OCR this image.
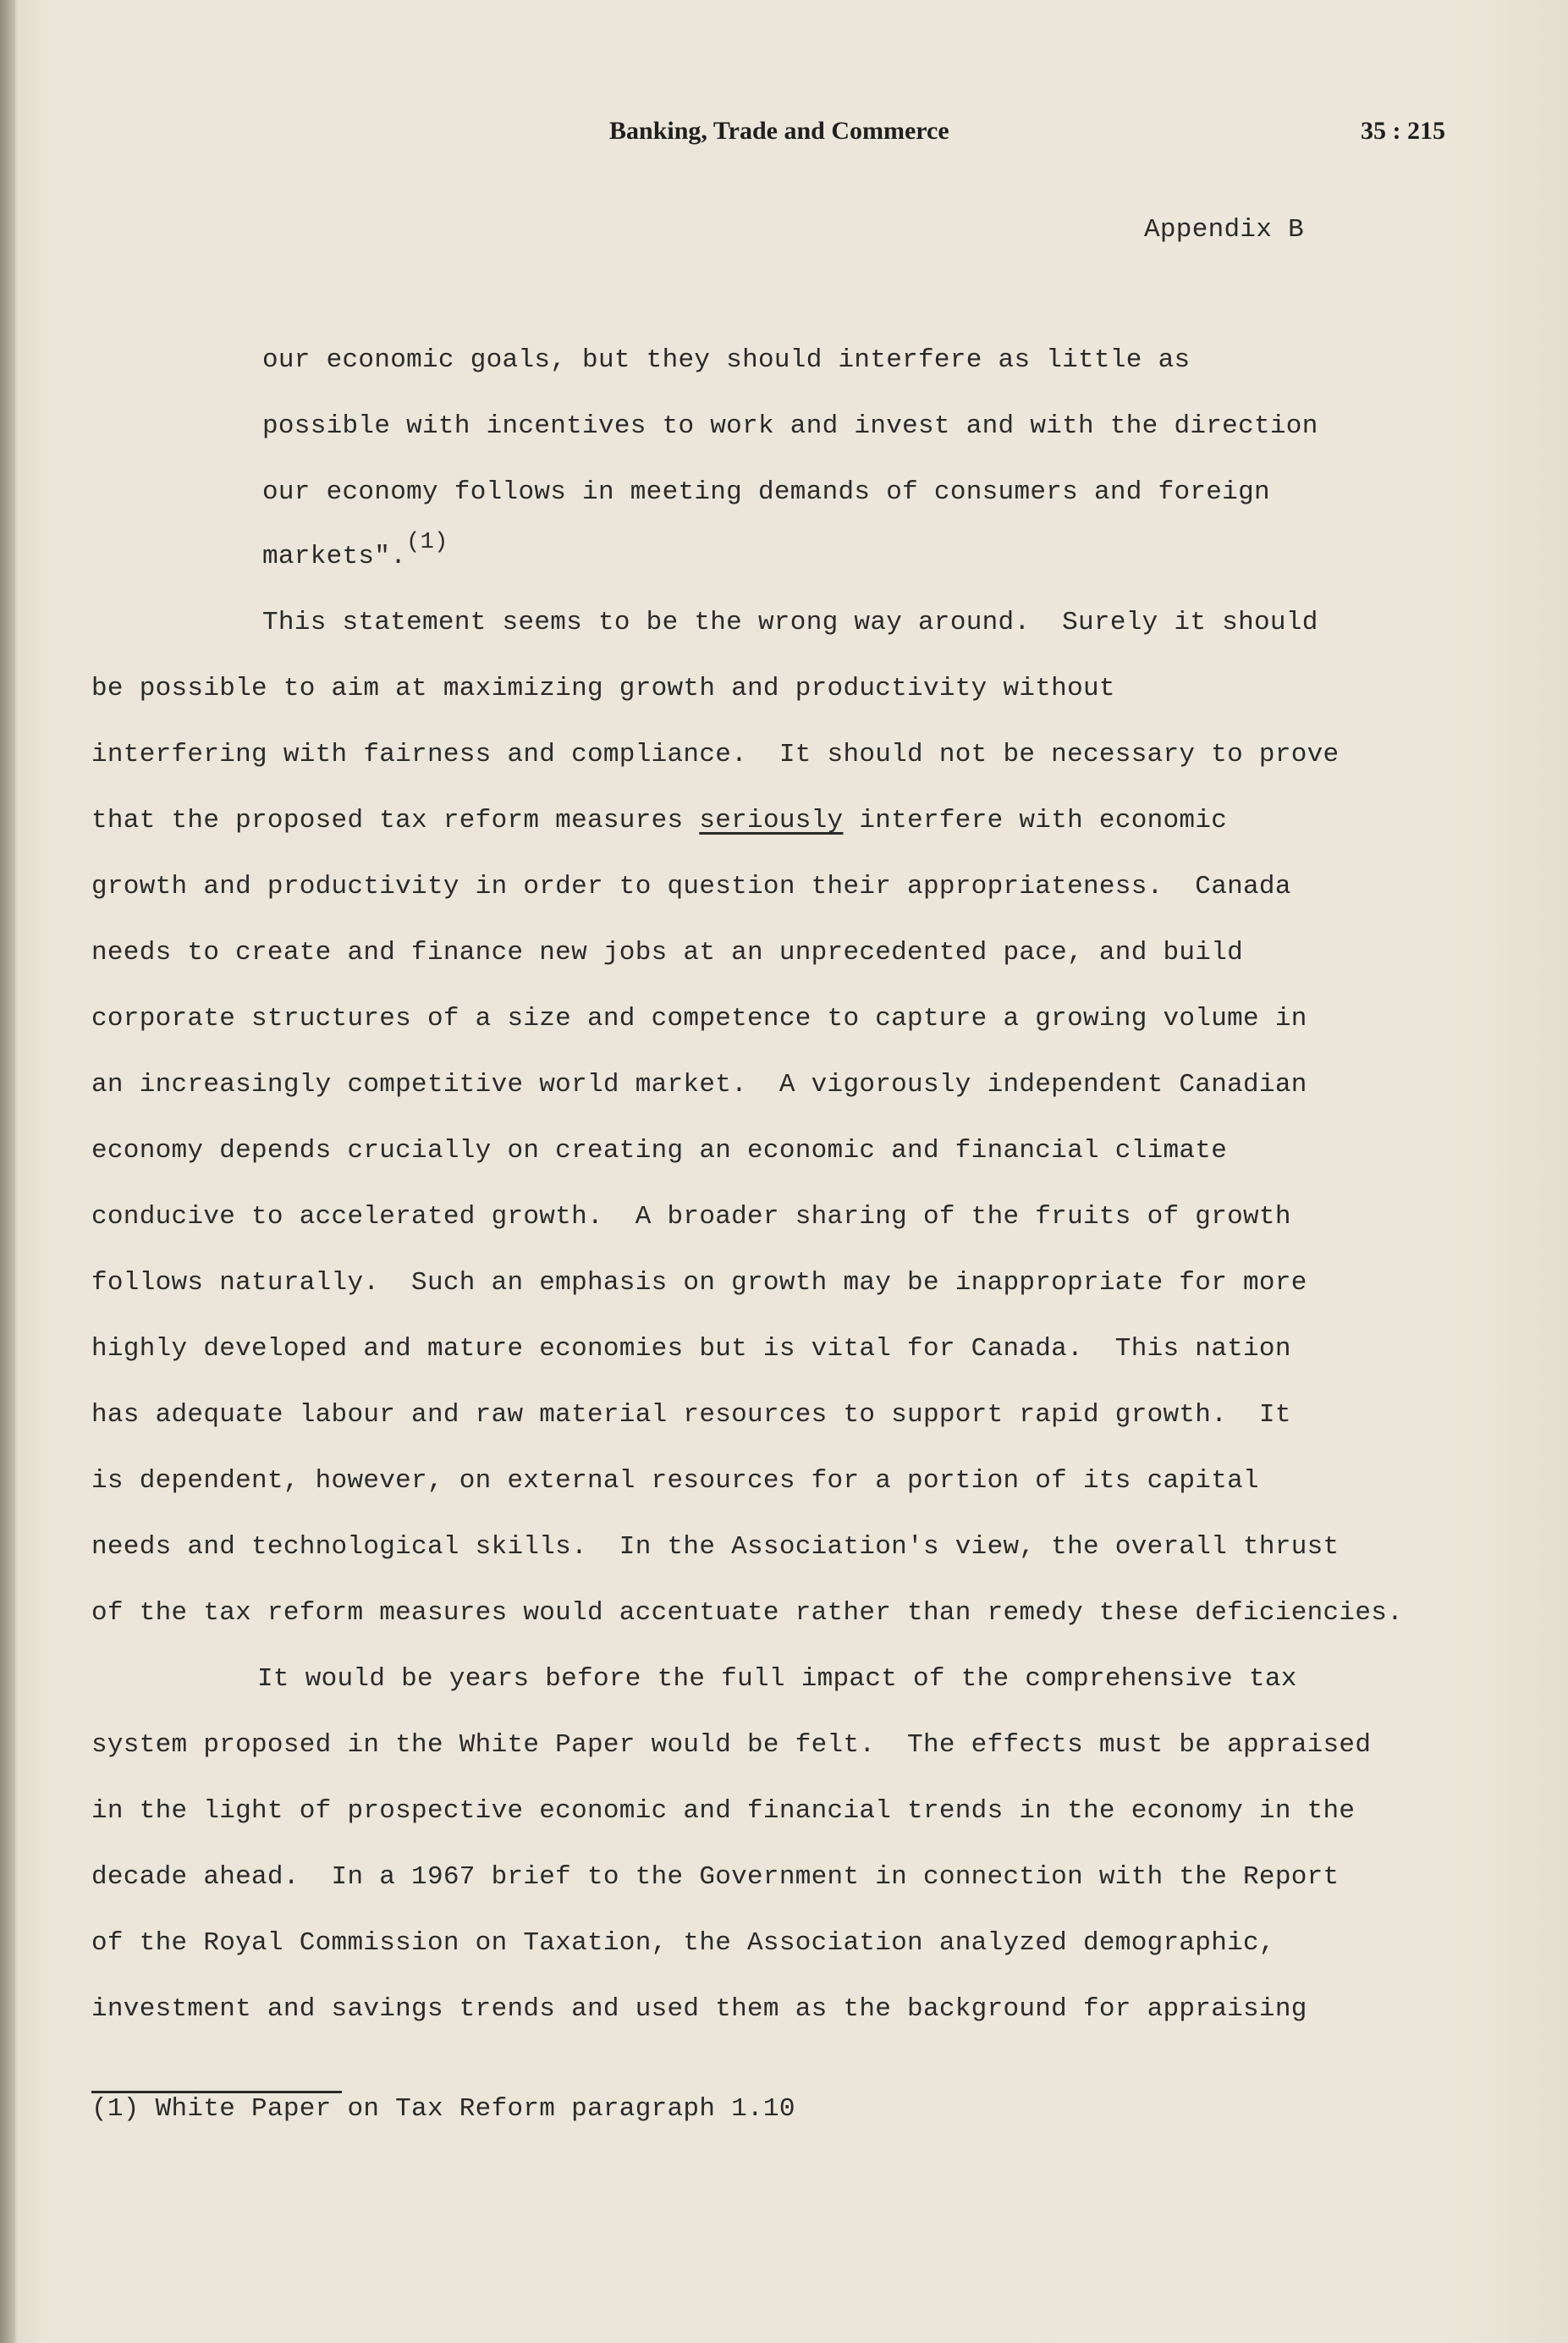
Banking, Trade and Commerce	35 : 215
Appendix B
our economic goals, but they should interfere as little as
possible with incentives to work and invest and with the direction
our economy follows in meeting demands of consumers and foreign
markets".(1)
This statement seems to be the wrong way around.  Surely it should
be possible to aim at maximizing growth and productivity without
interfering with fairness and compliance.  It should not be necessary to prove
that the proposed tax reform measures seriously interfere with economic
growth and productivity in order to question their appropriateness.  Canada
needs to create and finance new jobs at an unprecedented pace, and build
corporate structures of a size and competence to capture a growing volume in
an increasingly competitive world market.  A vigorously independent Canadian
economy depends crucially on creating an economic and financial climate
conducive to accelerated growth.  A broader sharing of the fruits of growth
follows naturally.  Such an emphasis on growth may be inappropriate for more
highly developed and mature economies but is vital for Canada.  This nation
has adequate labour and raw material resources to support rapid growth.  It
is dependent, however, on external resources for a portion of its capital
needs and technological skills.  In the Association's view, the overall thrust
of the tax reform measures would accentuate rather than remedy these deficiencies.
It would be years before the full impact of the comprehensive tax
system proposed in the White Paper would be felt.  The effects must be appraised
in the light of prospective economic and financial trends in the economy in the
decade ahead.  In a 1967 brief to the Government in connection with the Report
of the Royal Commission on Taxation, the Association analyzed demographic,
investment and savings trends and used them as the background for appraising
(1) White Paper on Tax Reform paragraph 1.10
